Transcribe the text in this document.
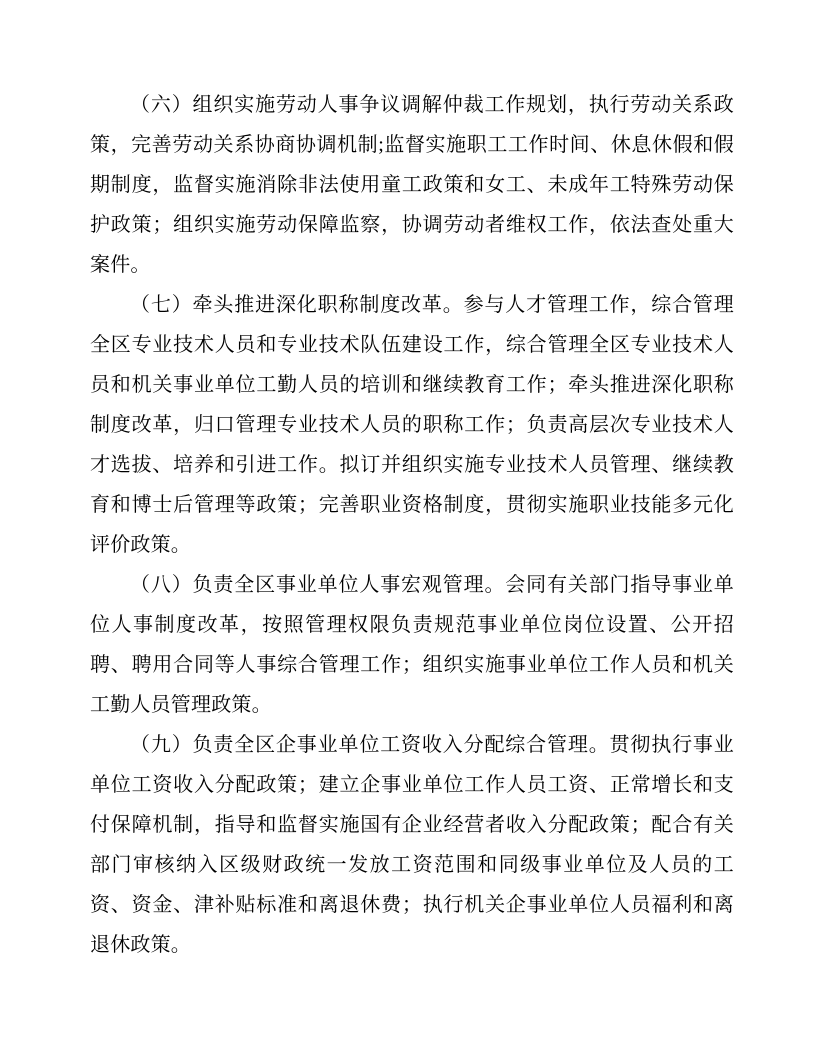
（六）组织实施劳动人事争议调解仲裁工作规划，执行劳动关系政策，完善劳动关系协商协调机制;监督实施职工工作时间、休息休假和假期制度，监督实施消除非法使用童工政策和女工、未成年工特殊劳动保护政策；组织实施劳动保障监察，协调劳动者维权工作，依法查处重大案件。

（七）牵头推进深化职称制度改革。参与人才管理工作，综合管理全区专业技术人员和专业技术队伍建设工作，综合管理全区专业技术人员和机关事业单位工勤人员的培训和继续教育工作；牵头推进深化职称制度改革，归口管理专业技术人员的职称工作；负责高层次专业技术人才选拔、培养和引进工作。拟订并组织实施专业技术人员管理、继续教育和博士后管理等政策；完善职业资格制度，贯彻实施职业技能多元化评价政策。

（八）负责全区事业单位人事宏观管理。会同有关部门指导事业单位人事制度改革，按照管理权限负责规范事业单位岗位设置、公开招聘、聘用合同等人事综合管理工作；组织实施事业单位工作人员和机关工勤人员管理政策。

（九）负责全区企事业单位工资收入分配综合管理。贯彻执行事业单位工资收入分配政策；建立企事业单位工作人员工资、正常增长和支付保障机制，指导和监督实施国有企业经营者收入分配政策；配合有关部门审核纳入区级财政统一发放工资范围和同级事业单位及人员的工资、资金、津补贴标准和离退休费；执行机关企事业单位人员福利和离退休政策。
